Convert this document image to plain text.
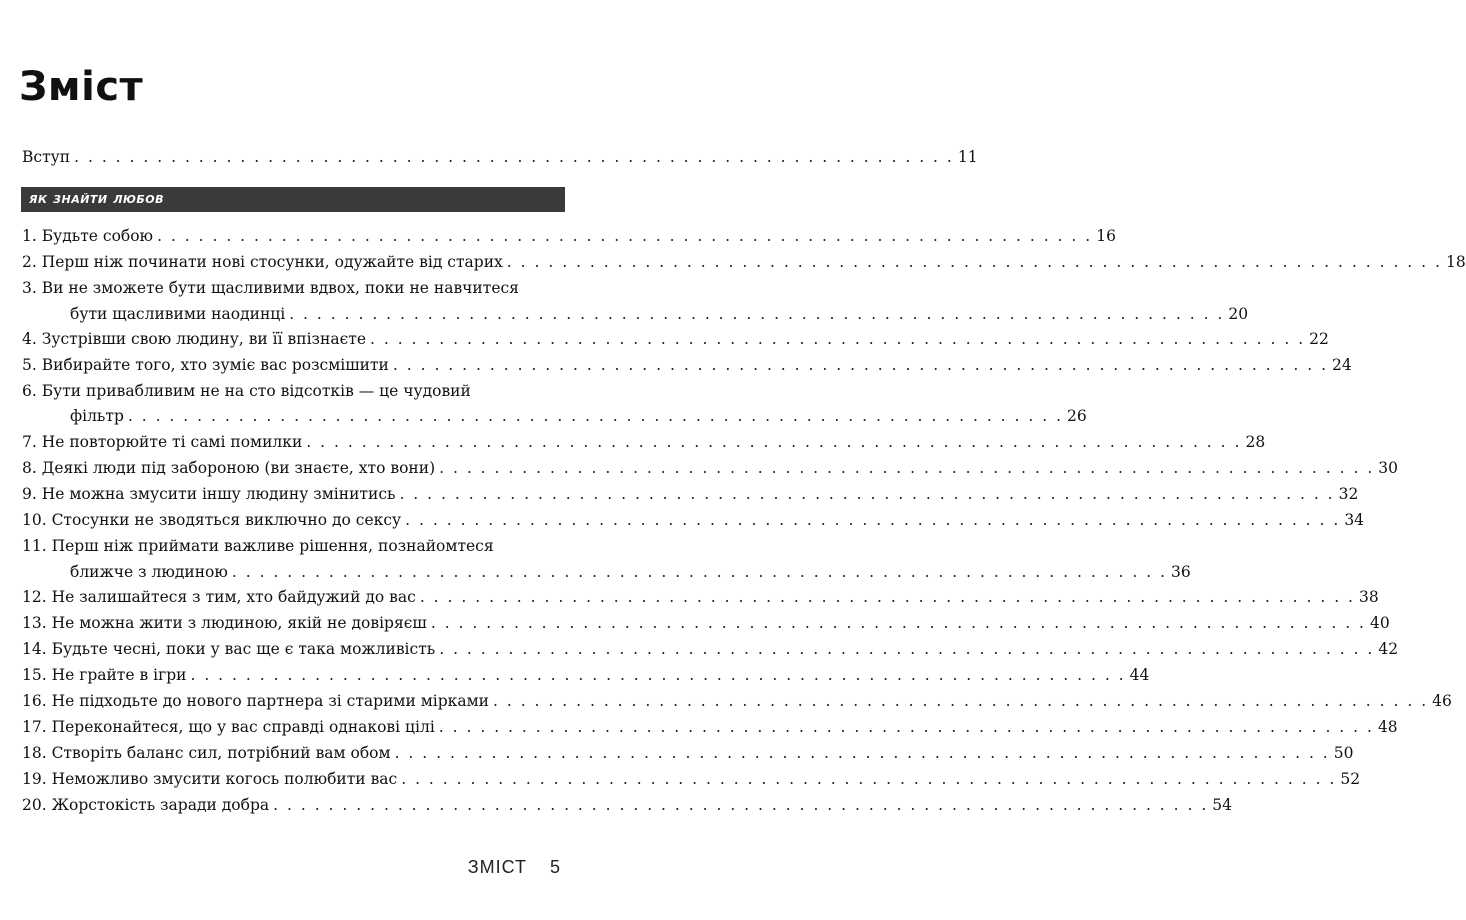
Зміст
Вступ . . . . . . . . . . . . . . . . . . . . . . . . . . . . . . . . . . . . . . . . . . . . . . . . . . . . . . . . . . . . . . . . 11
як знайти любов
1. Будьте собою . . . . . . . . . . . . . . . . . . . . . . . . . . . . . . . . . . . . . . . . . . . . . . . . . . . . . . . . . . . . . . . . . . . . 16
2. Перш ніж починати нові стосунки, одужайте від старих . . . . . . . . . . . . . . . . . . . . . . . . . . . . . . . . . . . . . . . . . . . . . . . . . . . . . . . . . . . . . . . . . . . . 18
3. Ви не зможете бути щасливими вдвох, поки не навчитеся
бути щасливими наодинці . . . . . . . . . . . . . . . . . . . . . . . . . . . . . . . . . . . . . . . . . . . . . . . . . . . . . . . . . . . . . . . . . . . . 20
4. Зустрівши свою людину, ви її впізнаєте . . . . . . . . . . . . . . . . . . . . . . . . . . . . . . . . . . . . . . . . . . . . . . . . . . . . . . . . . . . . . . . . . . . . 22
5. Вибирайте того, хто зуміє вас розсмішити . . . . . . . . . . . . . . . . . . . . . . . . . . . . . . . . . . . . . . . . . . . . . . . . . . . . . . . . . . . . . . . . . . . . 24
6. Бути привабливим не на сто відсотків — це чудовий
фільтр . . . . . . . . . . . . . . . . . . . . . . . . . . . . . . . . . . . . . . . . . . . . . . . . . . . . . . . . . . . . . . . . . . . . 26
7. Не повторюйте ті самі помилки . . . . . . . . . . . . . . . . . . . . . . . . . . . . . . . . . . . . . . . . . . . . . . . . . . . . . . . . . . . . . . . . . . . . 28
8. Деякі люди під забороною (ви знаєте, хто вони) . . . . . . . . . . . . . . . . . . . . . . . . . . . . . . . . . . . . . . . . . . . . . . . . . . . . . . . . . . . . . . . . . . . . 30
9. Не можна змусити іншу людину змінитись . . . . . . . . . . . . . . . . . . . . . . . . . . . . . . . . . . . . . . . . . . . . . . . . . . . . . . . . . . . . . . . . . . . . 32
10. Стосунки не зводяться виключно до сексу . . . . . . . . . . . . . . . . . . . . . . . . . . . . . . . . . . . . . . . . . . . . . . . . . . . . . . . . . . . . . . . . . . . . 34
11. Перш ніж приймати важливе рішення, познайомтеся
ближче з людиною . . . . . . . . . . . . . . . . . . . . . . . . . . . . . . . . . . . . . . . . . . . . . . . . . . . . . . . . . . . . . . . . . . . . 36
12. Не залишайтеся з тим, хто байдужий до вас . . . . . . . . . . . . . . . . . . . . . . . . . . . . . . . . . . . . . . . . . . . . . . . . . . . . . . . . . . . . . . . . . . . . 38
13. Не можна жити з людиною, якій не довіряєш . . . . . . . . . . . . . . . . . . . . . . . . . . . . . . . . . . . . . . . . . . . . . . . . . . . . . . . . . . . . . . . . . . . . 40
14. Будьте чесні, поки у вас ще є така можливість . . . . . . . . . . . . . . . . . . . . . . . . . . . . . . . . . . . . . . . . . . . . . . . . . . . . . . . . . . . . . . . . . . . . 42
15. Не грайте в ігри . . . . . . . . . . . . . . . . . . . . . . . . . . . . . . . . . . . . . . . . . . . . . . . . . . . . . . . . . . . . . . . . . . . . 44
16. Не підходьте до нового партнера зі старими мірками . . . . . . . . . . . . . . . . . . . . . . . . . . . . . . . . . . . . . . . . . . . . . . . . . . . . . . . . . . . . . . . . . . . . 46
17. Переконайтеся, що у вас справді однакові цілі . . . . . . . . . . . . . . . . . . . . . . . . . . . . . . . . . . . . . . . . . . . . . . . . . . . . . . . . . . . . . . . . . . . . 48
18. Створіть баланс сил, потрібний вам обом . . . . . . . . . . . . . . . . . . . . . . . . . . . . . . . . . . . . . . . . . . . . . . . . . . . . . . . . . . . . . . . . . . . . 50
19. Неможливо змусити когось полюбити вас . . . . . . . . . . . . . . . . . . . . . . . . . . . . . . . . . . . . . . . . . . . . . . . . . . . . . . . . . . . . . . . . . . . . 52
20. Жорстокість заради добра . . . . . . . . . . . . . . . . . . . . . . . . . . . . . . . . . . . . . . . . . . . . . . . . . . . . . . . . . . . . . . . . . . . . 54
ЗМІСТ 5
